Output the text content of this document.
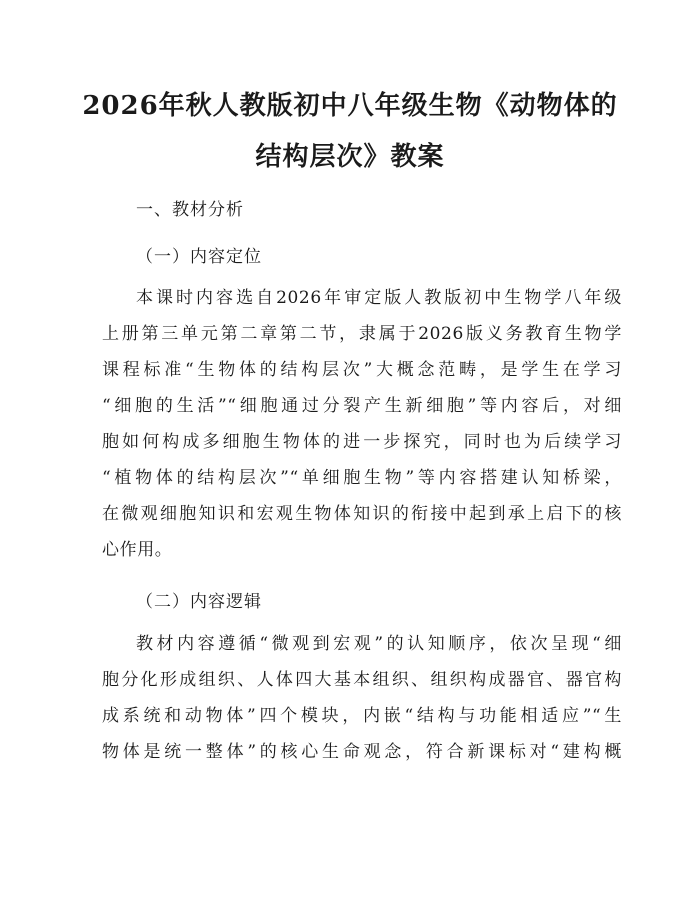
2026年秋人教版初中八年级生物《动物体的
结构层次》教案

一、教材分析

（一）内容定位

本课时内容选自2026年审定版人教版初中生物学八年级
上册第三单元第二章第二节，隶属于2026版义务教育生物学
课程标准“生物体的结构层次”大概念范畴，是学生在学习
“细胞的生活”“细胞通过分裂产生新细胞”等内容后，对细
胞如何构成多细胞生物体的进一步探究，同时也为后续学习
“植物体的结构层次”“单细胞生物”等内容搭建认知桥梁，
在微观细胞知识和宏观生物体知识的衔接中起到承上启下的核
心作用。

（二）内容逻辑

教材内容遵循“微观到宏观”的认知顺序，依次呈现“细
胞分化形成组织、人体四大基本组织、组织构成器官、器官构
成系统和动物体”四个模块，内嵌“结构与功能相适应”“生
物体是统一整体”的核心生命观念，符合新课标对“建构概
